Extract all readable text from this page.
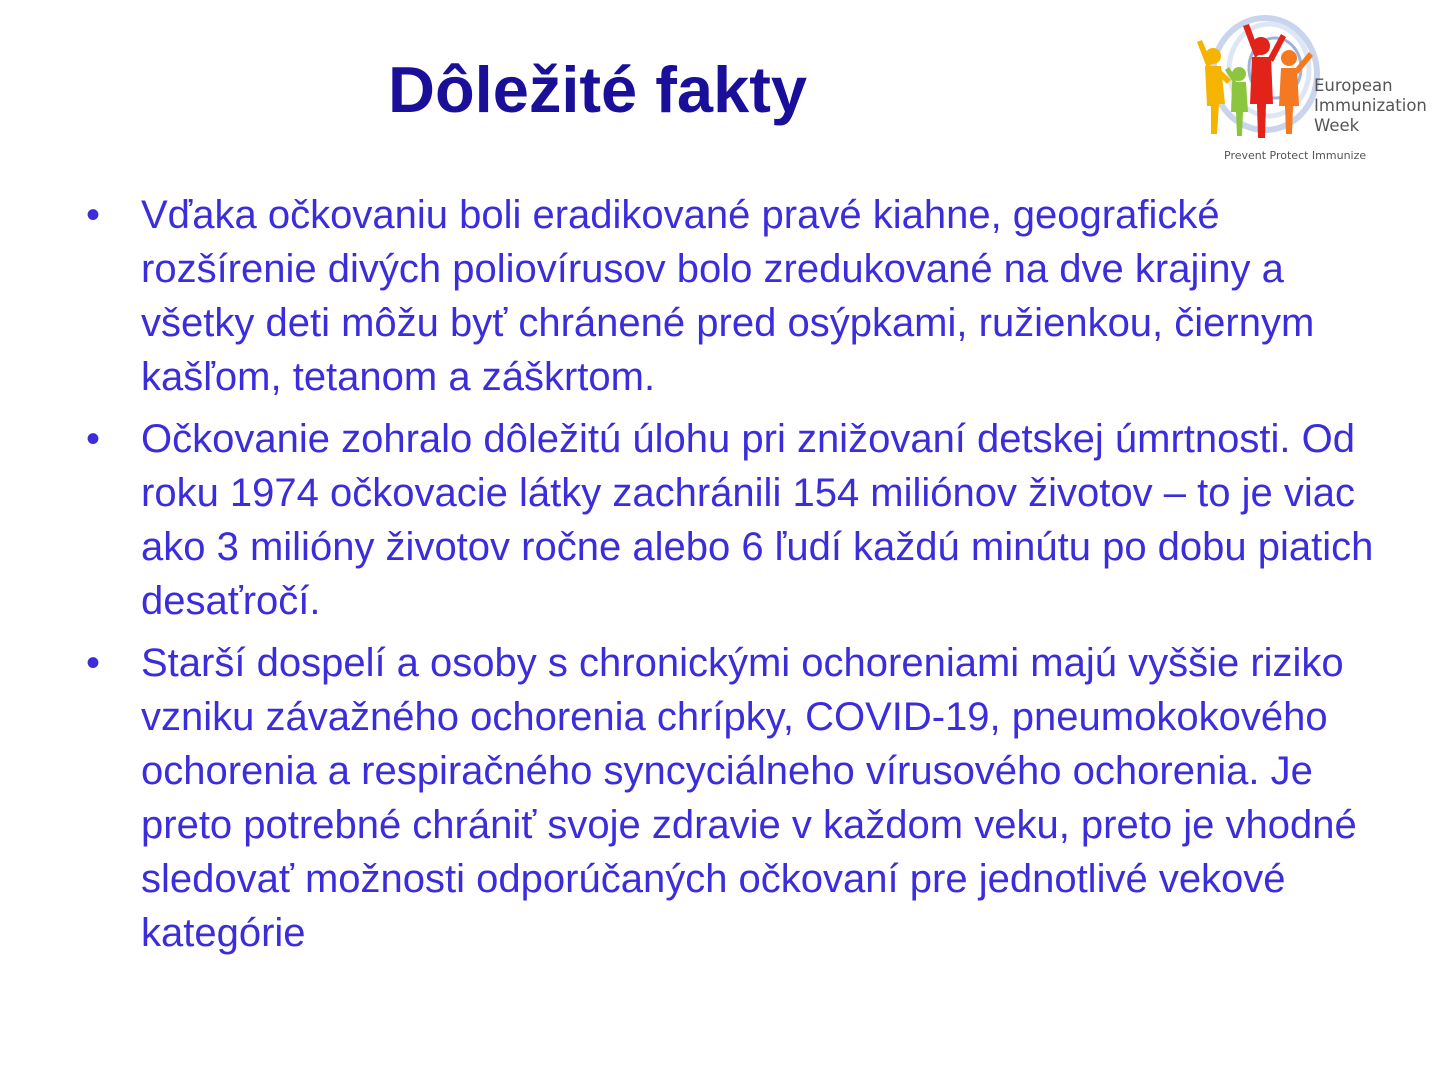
Dôležité fakty	European
Immunization
Week
Prevent Protect Immunize
• Vďaka očkovaniu boli eradikované pravé kiahne, geografické rozšírenie divých poliovírusov bolo zredukované na dve krajiny a všetky deti môžu byť chránené pred osýpkami, ružienkou, čiernym kašľom, tetanom a záškrtom.
• Očkovanie zohralo dôležitú úlohu pri znižovaní detskej úmrtnosti. Od roku 1974 očkovacie látky zachránili 154 miliónov životov – to je viac ako 3 milióny životov ročne alebo 6 ľudí každú minútu po dobu piatich desaťročí.
• Starší dospelí a osoby s chronickými ochoreniami majú vyššie riziko vzniku závažného ochorenia chrípky, COVID-19, pneumokokového ochorenia a respiračného syncyciálneho vírusového ochorenia. Je preto potrebné chrániť svoje zdravie v každom veku, preto je vhodné sledovať možnosti odporúčaných očkovaní pre jednotlivé vekové kategórie
